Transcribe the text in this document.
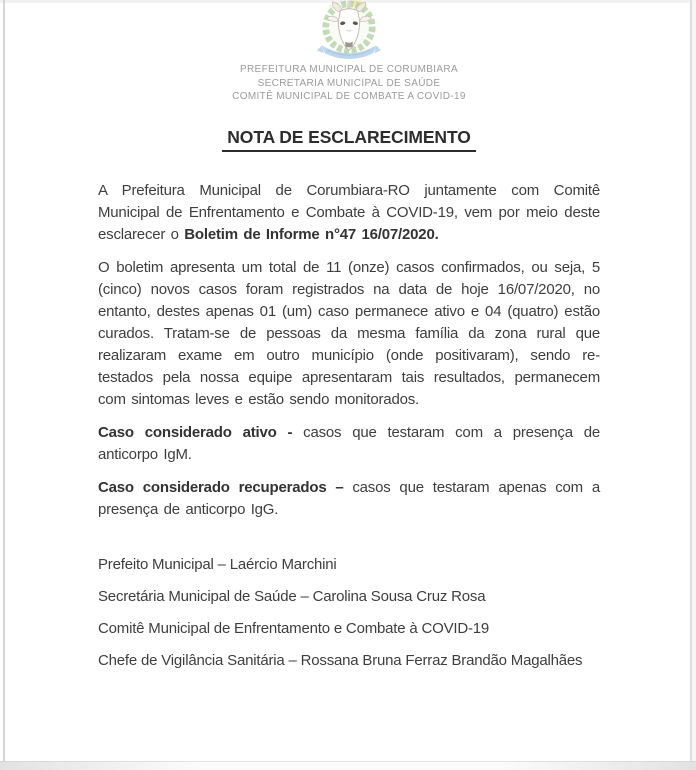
PREFEITURA MUNICIPAL DE CORUMBIARA
SECRETARIA MUNICIPAL DE SAÚDE
COMITÊ MUNICIPAL DE COMBATE A COVID-19
NOTA DE ESCLARECIMENTO

A Prefeitura Municipal de Corumbiara-RO juntamente com Comitê Municipal de Enfrentamento e Combate à COVID-19, vem por meio deste esclarecer o Boletim de Informe n°47 16/07/2020.

O boletim apresenta um total de 11 (onze) casos confirmados, ou seja, 5 (cinco) novos casos foram registrados na data de hoje 16/07/2020, no entanto, destes apenas 01 (um) caso permanece ativo e 04 (quatro) estão curados. Tratam-se de pessoas da mesma família da zona rural que realizaram exame em outro município (onde positivaram), sendo re-testados pela nossa equipe apresentaram tais resultados, permanecem com sintomas leves e estão sendo monitorados.

Caso considerado ativo - casos que testaram com a presença de anticorpo IgM.

Caso considerado recuperados – casos que testaram apenas com a presença de anticorpo IgG.

Prefeito Municipal – Laércio Marchini

Secretária Municipal de Saúde – Carolina Sousa Cruz Rosa

Comitê Municipal de Enfrentamento e Combate à COVID-19

Chefe de Vigilância Sanitária – Rossana Bruna Ferraz Brandão Magalhães
